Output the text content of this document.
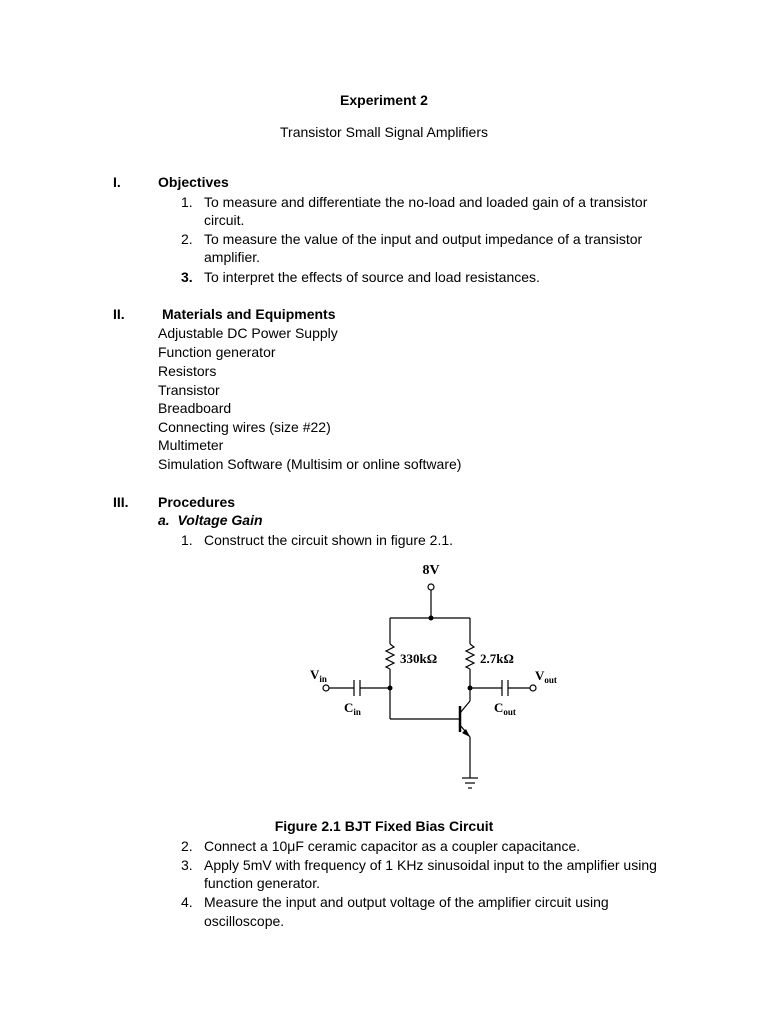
Experiment 2
Transistor Small Signal Amplifiers
I.	Objectives
1. To measure and differentiate the no-load and loaded gain of a transistor
circuit.
2. To measure the value of the input and output impedance of a transistor
amplifier.
3. To interpret the effects of source and load resistances.
II.	Materials and Equipments
Adjustable DC Power Supply
Function generator
Resistors
Transistor
Breadboard
Connecting wires (size #22)
Multimeter
Simulation Software (Multisim or online software)
III. Procedures
a.  Voltage Gain
1. Construct the circuit shown in figure 2.1.
8V
330kΩ	2.7kΩ
$V_{in}$	$V_{out}$
$C_{in}$	$C_{out}$
Figure 2.1 BJT Fixed Bias Circuit
2. Connect a 10μF ceramic capacitor as a coupler capacitance.
3. Apply 5mV with frequency of 1 KHz sinusoidal input to the amplifier using
function generator.
4. Measure the input and output voltage of the amplifier circuit using
oscilloscope.
